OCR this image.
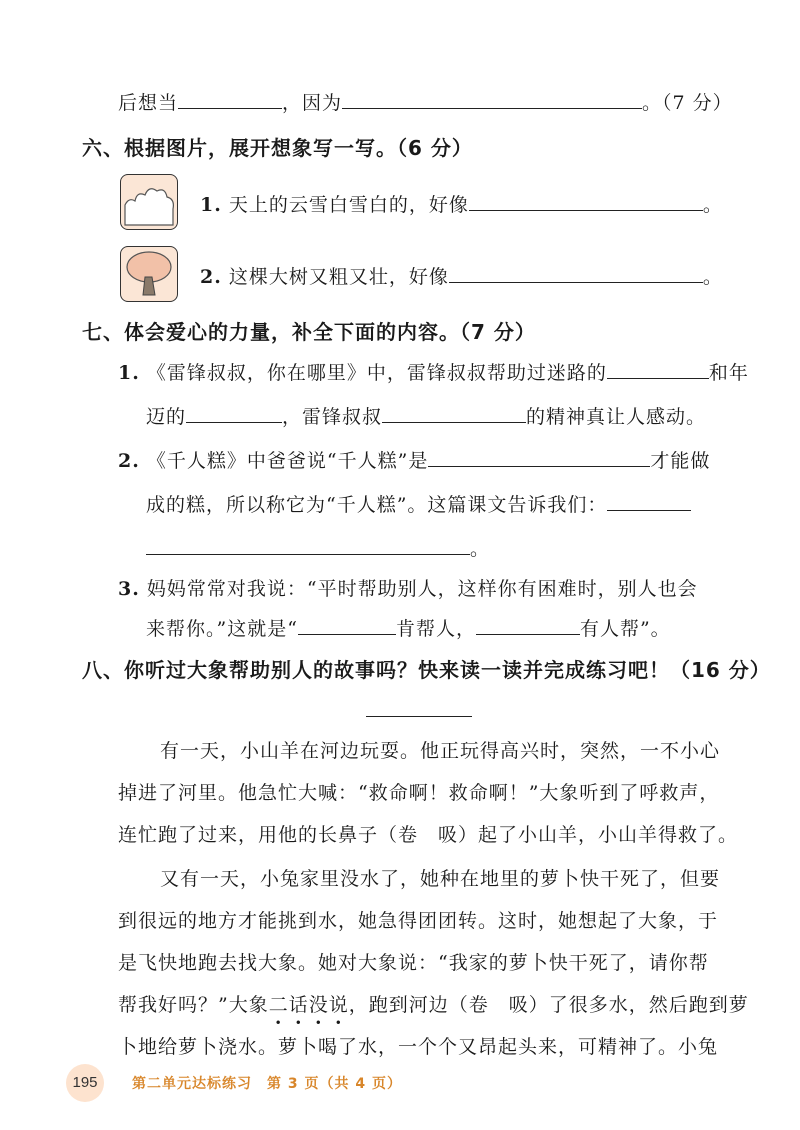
后想当	，因为	。（7 分）
六、根据图片，展开想象写一写。（6 分）
1. 天上的云雪白雪白的，好像	。
2. 这棵大树又粗又壮，好像	。
七、体会爱心的力量，补全下面的内容。（7 分）
1. 《雷锋叔叔，你在哪里》中，雷锋叔叔帮助过迷路的	和年
迈的	，雷锋叔叔	的精神真让人感动。
2. 《千人糕》中爸爸说“千人糕”是	才能做
成的糕，所以称它为“千人糕”。这篇课文告诉我们：
。
3. 妈妈常常对我说：“平时帮助别人，这样你有困难时，别人也会
来帮你。”这就是“	肯帮人，	有人帮”。
八、你听过大象帮助别人的故事吗？快来读一读并完成练习吧！（16 分）
有一天，小山羊在河边玩耍。他正玩得高兴时，突然，一不小心
掉进了河里。他急忙大喊：“救命啊！救命啊！”大象听到了呼救声，
连忙跑了过来，用他的长鼻子（卷　吸）起了小山羊，小山羊得救了。
又有一天，小兔家里没水了，她种在地里的萝卜快干死了，但要
到很远的地方才能挑到水，她急得团团转。这时，她想起了大象，于
是飞快地跑去找大象。她对大象说：“我家的萝卜快干死了，请你帮
帮我好吗？”大象二话没说，跑到河边（卷　吸）了很多水，然后跑到萝
卜地给萝卜浇水。萝卜喝了水，一个个又昂起头来，可精神了。小兔
195	第二单元达标练习　第 3 页（共 4 页）
